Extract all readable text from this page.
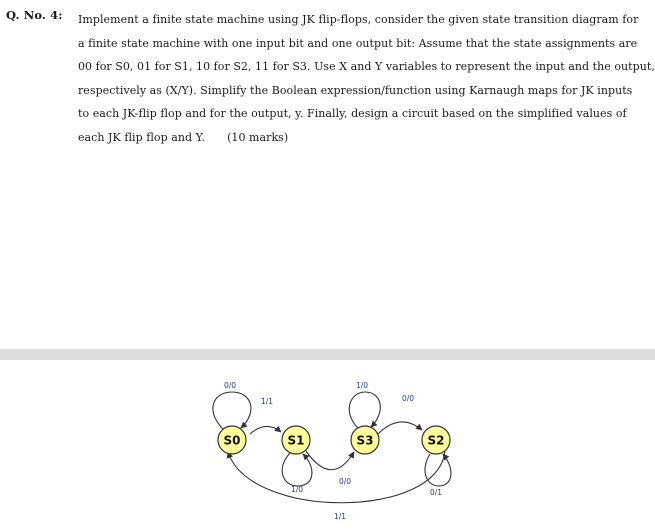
Q. No. 4: Implement a finite state machine using JK flip-flops, consider the given state transition diagram for
a finite state machine with one input bit and one output bit: Assume that the state assignments are
00 for S0, 01 for S1, 10 for S2, 11 for S3. Use X and Y variables to represent the input and the output,
respectively as (X/Y). Simplify the Boolean expression/function using Karnaugh maps for JK inputs
to each JK-flip flop and for the output, y. Finally, design a circuit based on the simplified values of
each JK flip flop and Y. (10 marks)
S0	S1	S3	S2
0/0
1/1
1/0
0/0
1/0
0/0
0/1
1/1
